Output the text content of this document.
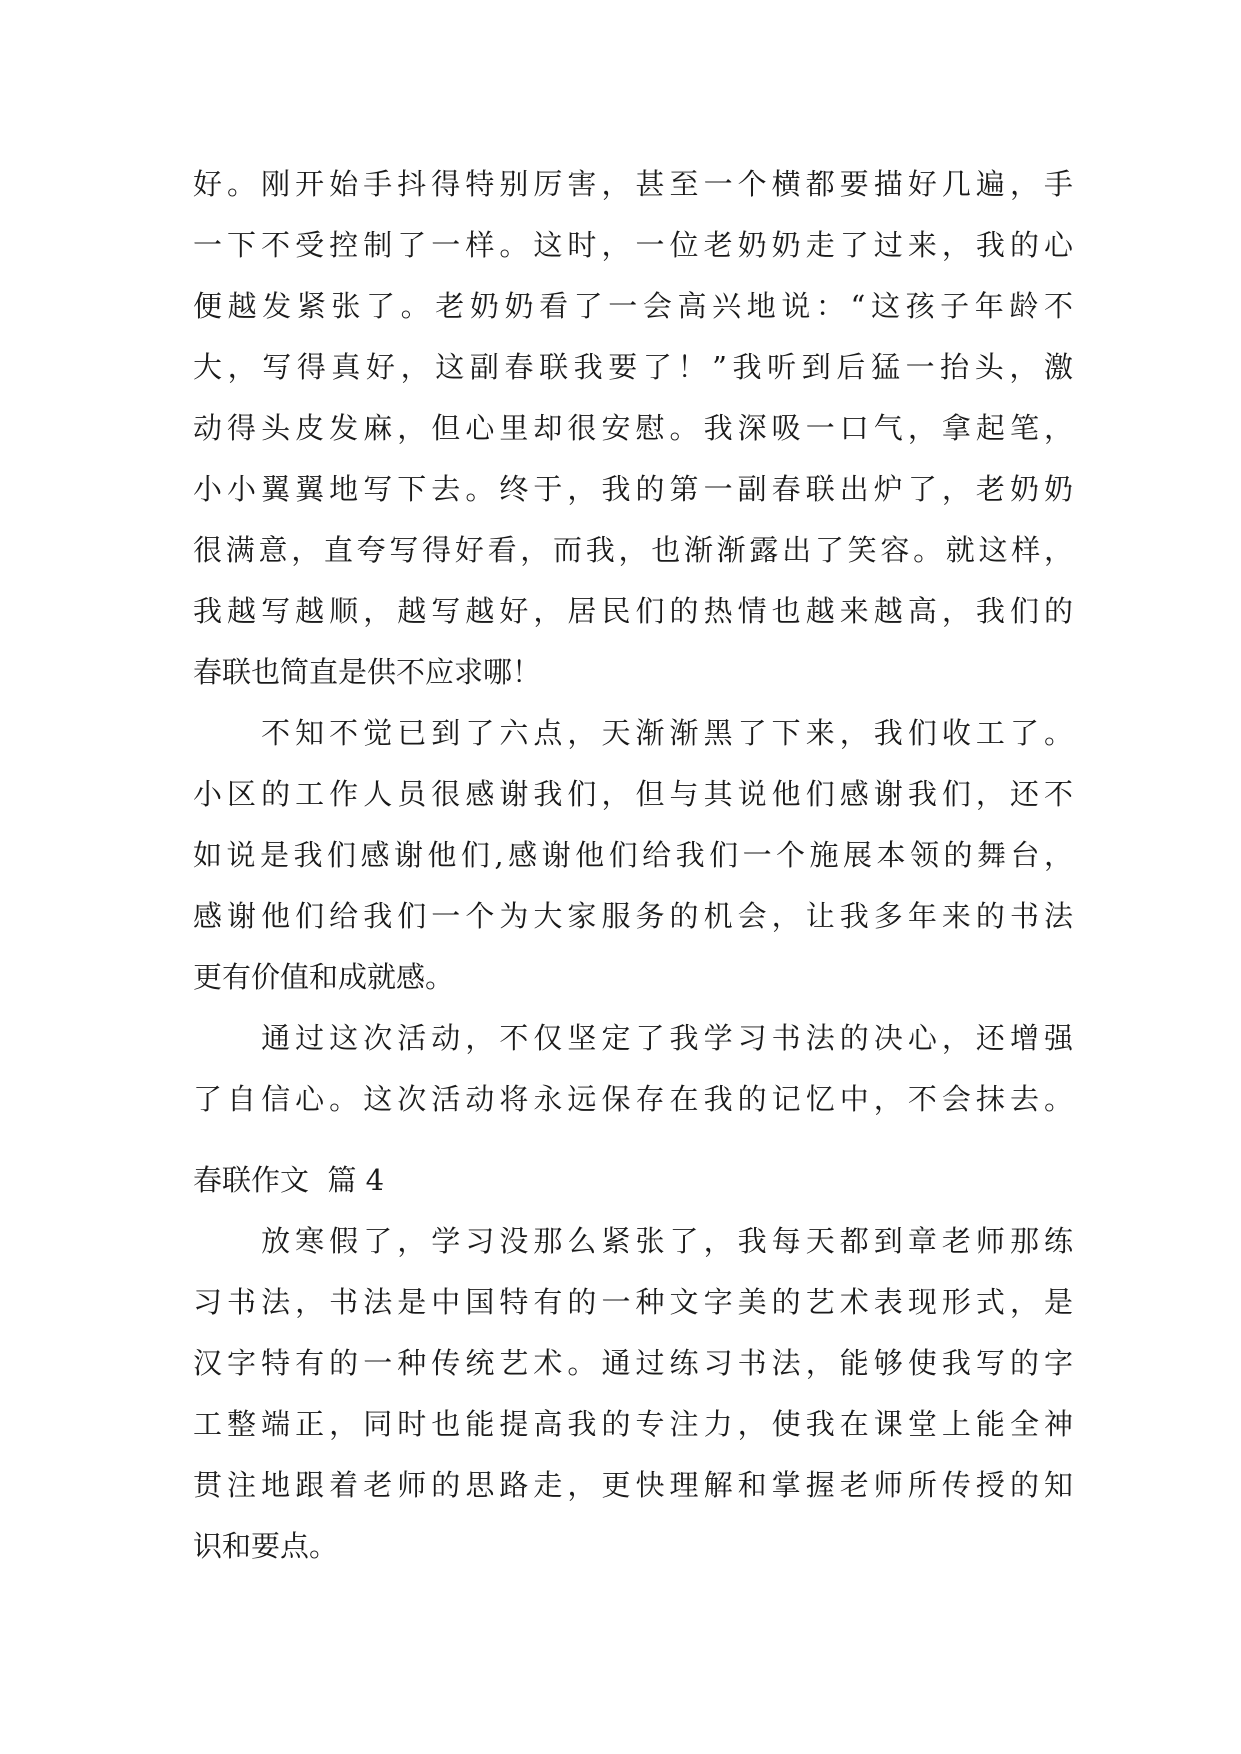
好。刚开始手抖得特别厉害，甚至一个横都要描好几遍，手
一下不受控制了一样。这时，一位老奶奶走了过来，我的心
便越发紧张了。老奶奶看了一会高兴地说：“这孩子年龄不
大，写得真好，这副春联我要了！”我听到后猛一抬头，激
动得头皮发麻，但心里却很安慰。我深吸一口气，拿起笔，
小小翼翼地写下去。终于，我的第一副春联出炉了，老奶奶
很满意，直夸写得好看，而我，也渐渐露出了笑容。就这样，
我越写越顺，越写越好，居民们的热情也越来越高，我们的
春联也简直是供不应求哪！
　　不知不觉已到了六点，天渐渐黑了下来，我们收工了。
小区的工作人员很感谢我们，但与其说他们感谢我们，还不
如说是我们感谢他们,感谢他们给我们一个施展本领的舞台，
感谢他们给我们一个为大家服务的机会，让我多年来的书法
更有价值和成就感。
　　通过这次活动，不仅坚定了我学习书法的决心，还增强
了自信心。这次活动将永远保存在我的记忆中，不会抹去。
春联作文  篇 4
　　放寒假了，学习没那么紧张了，我每天都到章老师那练
习书法，书法是中国特有的一种文字美的艺术表现形式，是
汉字特有的一种传统艺术。通过练习书法，能够使我写的字
工整端正，同时也能提高我的专注力，使我在课堂上能全神
贯注地跟着老师的思路走，更快理解和掌握老师所传授的知
识和要点。
